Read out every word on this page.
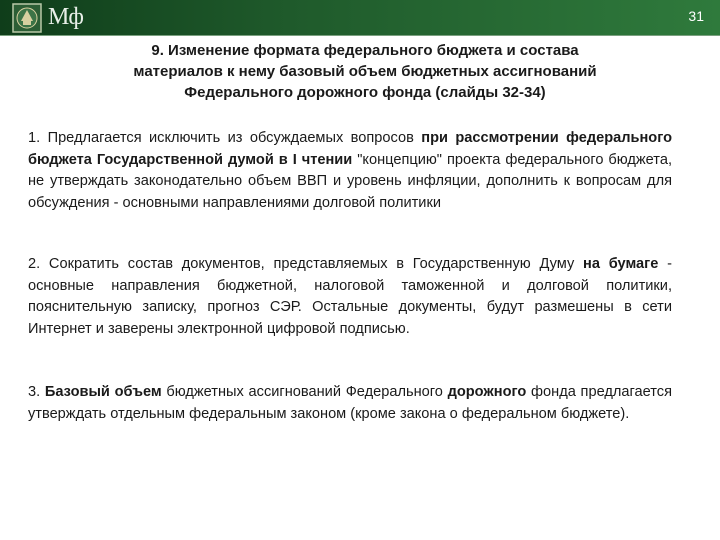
Мф	31
9. Изменение формата федерального бюджета и состава
материалов к нему базовый объем бюджетных ассигнований
Федерального дорожного фонда (слайды 32-34)
1. Предлагается исключить из обсуждаемых вопросов при рассмотрении федерального бюджета Государственной думой в I чтении "концепцию" проекта федерального бюджета, не утверждать законодательно объем ВВП и уровень инфляции, дополнить к вопросам для обсуждения - основными направлениями долговой политики
2. Сократить состав документов, представляемых в Государственную Думу на бумаге - основные направления бюджетной, налоговой таможенной и долговой политики, пояснительную записку, прогноз СЭР. Остальные документы, будут размешены в сети Интернет и заверены электронной цифровой подписью.
3. Базовый объем бюджетных ассигнований Федерального дорожного фонда предлагается утверждать отдельным федеральным законом (кроме закона о федеральном бюджете).
